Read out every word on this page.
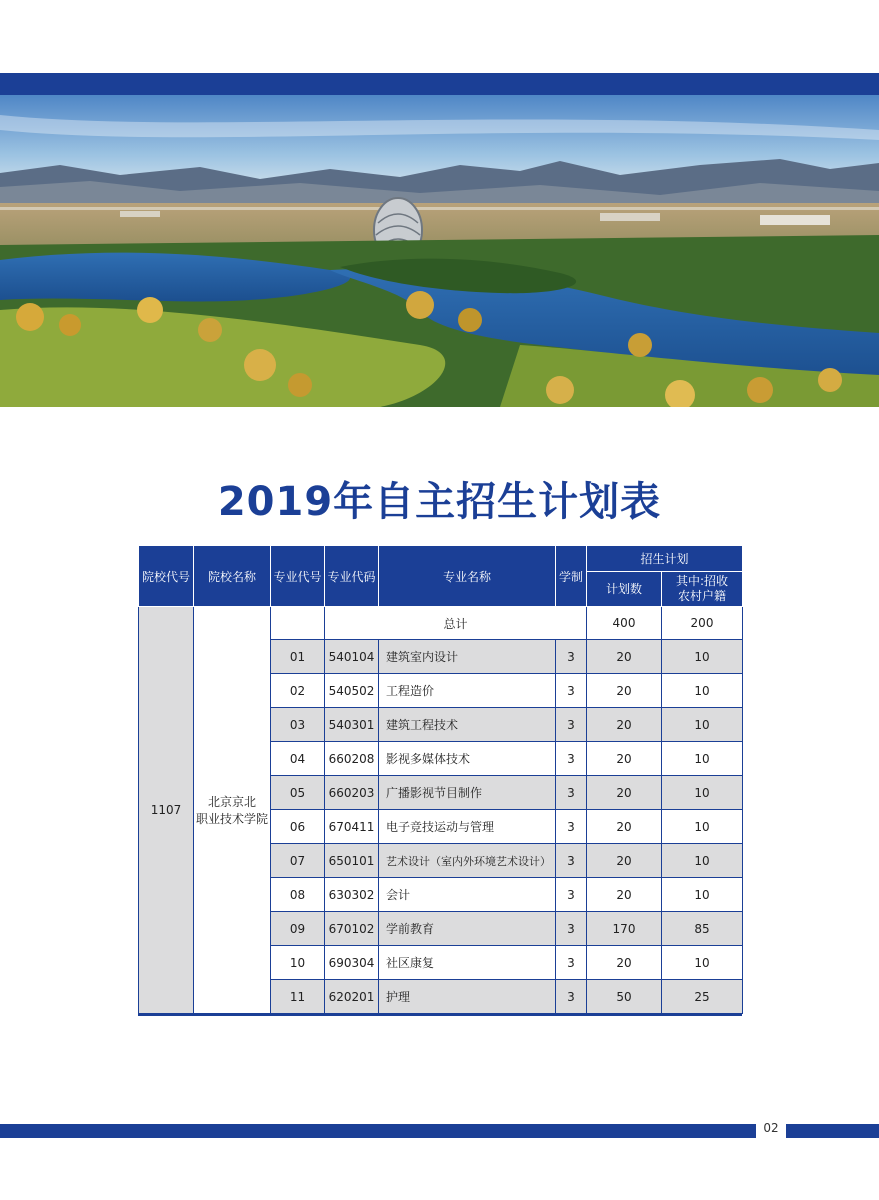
2019年自主招生计划表
院校代号	院校名称	专业代号	专业代码	专业名称	学制	招生计划	
						计划数	其中:招收
农村户籍
1107	北京京北
职业技术学院		总计			400	200
		01	540104	建筑室内设计	3	20	10
		02	540502	工程造价	3	20	10
		03	540301	建筑工程技术	3	20	10
		04	660208	影视多媒体技术	3	20	10
		05	660203	广播影视节目制作	3	20	10
		06	670411	电子竞技运动与管理	3	20	10
		07	650101	艺术设计（室内外环境艺术设计）	3	20	10
		08	630302	会计	3	20	10
		09	670102	学前教育	3	170	85
		10	690304	社区康复	3	20	10
		11	620201	护理	3	50	25
02
